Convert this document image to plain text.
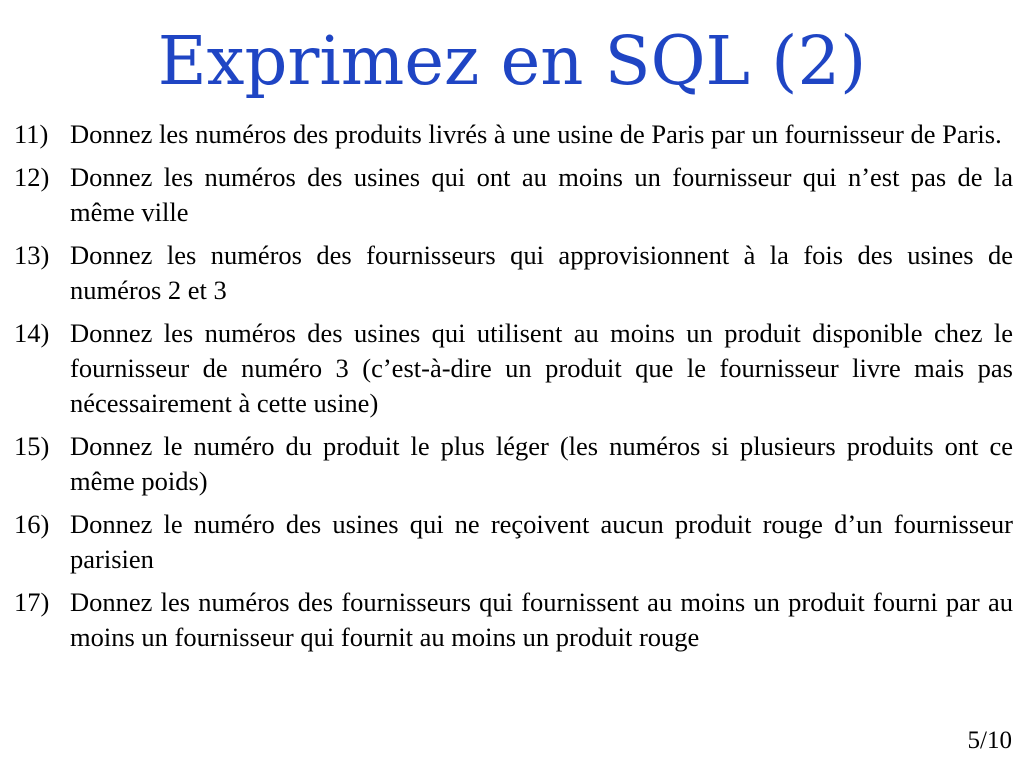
Exprimez en SQL (2)
11) Donnez les numéros des produits livrés à une usine de Paris par un fournisseur de Paris.
12) Donnez les numéros des usines qui ont au moins un fournisseur qui n’est pas de la même ville
13) Donnez les numéros des fournisseurs qui approvisionnent à la fois des usines de numéros 2 et 3
14) Donnez les numéros des usines qui utilisent au moins un produit disponible chez le fournisseur de numéro 3 (c’est-à-dire un produit que le fournisseur livre mais pas nécessairement à cette usine)
15) Donnez le numéro du produit le plus léger (les numéros si plusieurs produits ont ce même poids)
16) Donnez le numéro des usines qui ne reçoivent aucun produit rouge d’un fournisseur parisien
17) Donnez les numéros des fournisseurs qui fournissent au moins un produit fourni par au moins un fournisseur qui fournit au moins un produit rouge
5/10
